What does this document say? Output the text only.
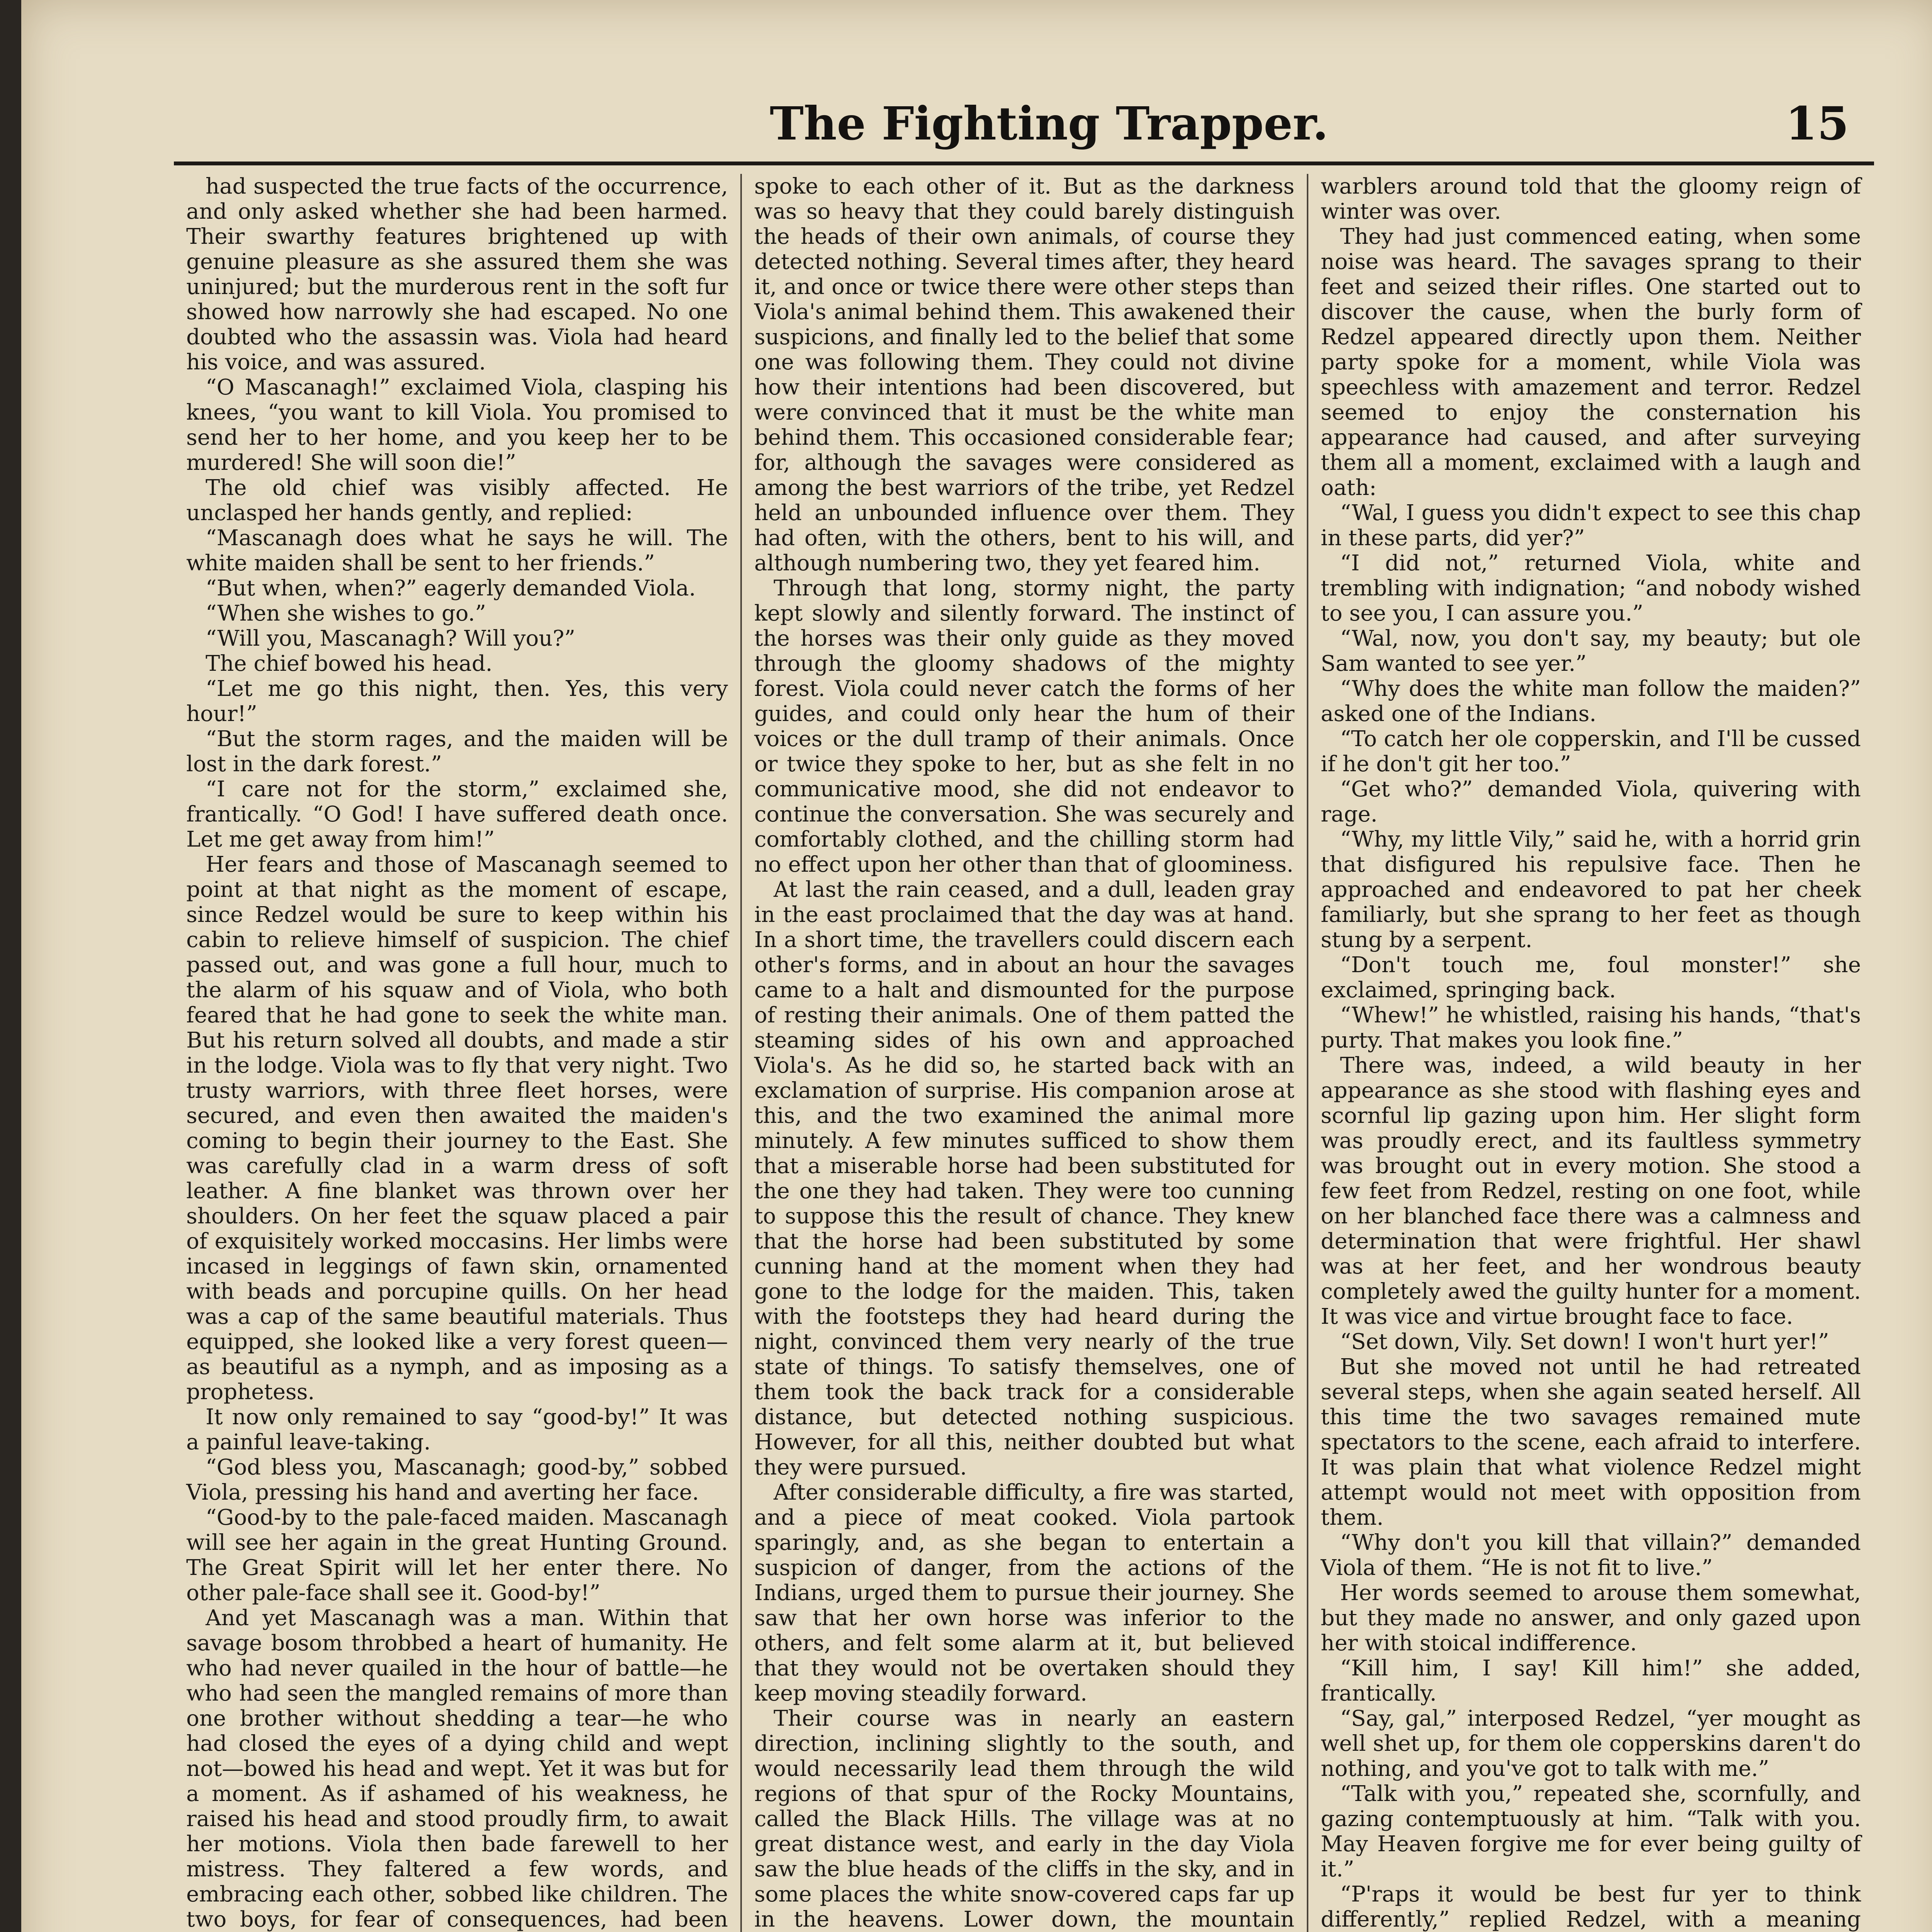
The Fighting Trapper.	15

had suspected the true facts of the occurrence, and only asked whether she had been harmed. Their swarthy features brightened up with genuine pleasure as she assured them she was uninjured; but the murderous rent in the soft fur showed how narrowly she had escaped. No one doubted who the assassin was. Viola had heard his voice, and was assured.

“O Mascanagh!” exclaimed Viola, clasping his knees, “you want to kill Viola. You promised to send her to her home, and you keep her to be murdered! She will soon die!”

The old chief was visibly affected. He unclasped her hands gently, and replied:

“Mascanagh does what he says he will. The white maiden shall be sent to her friends.”

“But when, when?” eagerly demanded Viola.

“When she wishes to go.”

“Will you, Mascanagh? Will you?”

The chief bowed his head.

“Let me go this night, then. Yes, this very hour!”

“But the storm rages, and the maiden will be lost in the dark forest.”

“I care not for the storm,” exclaimed she, frantically. “O God! I have suffered death once. Let me get away from him!”

Her fears and those of Mascanagh seemed to point at that night as the moment of escape, since Redzel would be sure to keep within his cabin to relieve himself of suspicion. The chief passed out, and was gone a full hour, much to the alarm of his squaw and of Viola, who both feared that he had gone to seek the white man. But his return solved all doubts, and made a stir in the lodge. Viola was to fly that very night. Two trusty warriors, with three fleet horses, were secured, and even then awaited the maiden's coming to begin their journey to the East. She was carefully clad in a warm dress of soft leather. A fine blanket was thrown over her shoulders. On her feet the squaw placed a pair of exquisitely worked moccasins. Her limbs were incased in leggings of fawn skin, ornamented with beads and porcupine quills. On her head was a cap of the same beautiful materials. Thus equipped, she looked like a very forest queen—as beautiful as a nymph, and as imposing as a prophetess.

It now only remained to say “good-by!” It was a painful leave-taking.

“God bless you, Mascanagh; good-by,” sobbed Viola, pressing his hand and averting her face.

“Good-by to the pale-faced maiden. Mascanagh will see her again in the great Hunting Ground. The Great Spirit will let her enter there. No other pale-face shall see it. Good-by!”

And yet Mascanagh was a man. Within that savage bosom throbbed a heart of humanity. He who had never quailed in the hour of battle—he who had seen the mangled remains of more than one brother without shedding a tear—he who had closed the eyes of a dying child and wept not—bowed his head and wept. Yet it was but for a moment. As if ashamed of his weakness, he raised his head and stood proudly firm, to await her motions. Viola then bade farewell to her mistress. They faltered a few words, and embracing each other, sobbed like children. The two boys, for fear of consequences, had been

spoke to each other of it. But as the darkness was so heavy that they could barely distinguish the heads of their own animals, of course they detected nothing. Several times after, they heard it, and once or twice there were other steps than Viola's animal behind them. This awakened their suspicions, and finally led to the belief that some one was following them. They could not divine how their intentions had been discovered, but were convinced that it must be the white man behind them. This occasioned considerable fear; for, although the savages were considered as among the best warriors of the tribe, yet Redzel held an unbounded influence over them. They had often, with the others, bent to his will, and although numbering two, they yet feared him.

Through that long, stormy night, the party kept slowly and silently forward. The instinct of the horses was their only guide as they moved through the gloomy shadows of the mighty forest. Viola could never catch the forms of her guides, and could only hear the hum of their voices or the dull tramp of their animals. Once or twice they spoke to her, but as she felt in no communicative mood, she did not endeavor to continue the conversation. She was securely and comfortably clothed, and the chilling storm had no effect upon her other than that of gloominess.

At last the rain ceased, and a dull, leaden gray in the east proclaimed that the day was at hand. In a short time, the travellers could discern each other's forms, and in about an hour the savages came to a halt and dismounted for the purpose of resting their animals. One of them patted the steaming sides of his own and approached Viola's. As he did so, he started back with an exclamation of surprise. His companion arose at this, and the two examined the animal more minutely. A few minutes sufficed to show them that a miserable horse had been substituted for the one they had taken. They were too cunning to suppose this the result of chance. They knew that the horse had been substituted by some cunning hand at the moment when they had gone to the lodge for the maiden. This, taken with the footsteps they had heard during the night, convinced them very nearly of the true state of things. To satisfy themselves, one of them took the back track for a considerable distance, but detected nothing suspicious. However, for all this, neither doubted but what they were pursued.

After considerable difficulty, a fire was started, and a piece of meat cooked. Viola partook sparingly, and, as she began to entertain a suspicion of danger, from the actions of the Indians, urged them to pursue their journey. She saw that her own horse was inferior to the others, and felt some alarm at it, but believed that they would not be overtaken should they keep moving steadily forward.

Their course was in nearly an eastern direction, inclining slightly to the south, and would necessarily lead them through the wild regions of that spur of the Rocky Mountains, called the Black Hills. The village was at no great distance west, and early in the day Viola saw the blue heads of the cliffs in the sky, and in some places the white snow-covered caps far up in the heavens. Lower down, the mountain

warblers around told that the gloomy reign of winter was over.

They had just commenced eating, when some noise was heard. The savages sprang to their feet and seized their rifles. One started out to discover the cause, when the burly form of Redzel appeared directly upon them. Neither party spoke for a moment, while Viola was speechless with amazement and terror. Redzel seemed to enjoy the consternation his appearance had caused, and after surveying them all a moment, exclaimed with a laugh and oath:

“Wal, I guess you didn't expect to see this chap in these parts, did yer?”

“I did not,” returned Viola, white and trembling with indignation; “and nobody wished to see you, I can assure you.”

“Wal, now, you don't say, my beauty; but ole Sam wanted to see yer.”

“Why does the white man follow the maiden?” asked one of the Indians.

“To catch her ole copperskin, and I'll be cussed if he don't git her too.”

“Get who?” demanded Viola, quivering with rage.

“Why, my little Vily,” said he, with a horrid grin that disfigured his repulsive face. Then he approached and endeavored to pat her cheek familiarly, but she sprang to her feet as though stung by a serpent.

“Don't touch me, foul monster!” she exclaimed, springing back.

“Whew!” he whistled, raising his hands, “that's purty. That makes you look fine.”

There was, indeed, a wild beauty in her appearance as she stood with flashing eyes and scornful lip gazing upon him. Her slight form was proudly erect, and its faultless symmetry was brought out in every motion. She stood a few feet from Redzel, resting on one foot, while on her blanched face there was a calmness and determination that were frightful. Her shawl was at her feet, and her wondrous beauty completely awed the guilty hunter for a moment. It was vice and virtue brought face to face.

“Set down, Vily. Set down! I won't hurt yer!”

But she moved not until he had retreated several steps, when she again seated herself. All this time the two savages remained mute spectators to the scene, each afraid to interfere. It was plain that what violence Redzel might attempt would not meet with opposition from them.

“Why don't you kill that villain?” demanded Viola of them. “He is not fit to live.”

Her words seemed to arouse them somewhat, but they made no answer, and only gazed upon her with stoical indifference.

“Kill him, I say! Kill him!” she added, frantically.

“Say, gal,” interposed Redzel, “yer mought as well shet up, for them ole copperskins daren't do nothing, and you've got to talk with me.”

“Talk with you,” repeated she, scornfully, and gazing contemptuously at him. “Talk with you. May Heaven forgive me for ever being guilty of it.”

“P'raps it would be best fur yer to think differently,” replied Redzel, with a meaning
